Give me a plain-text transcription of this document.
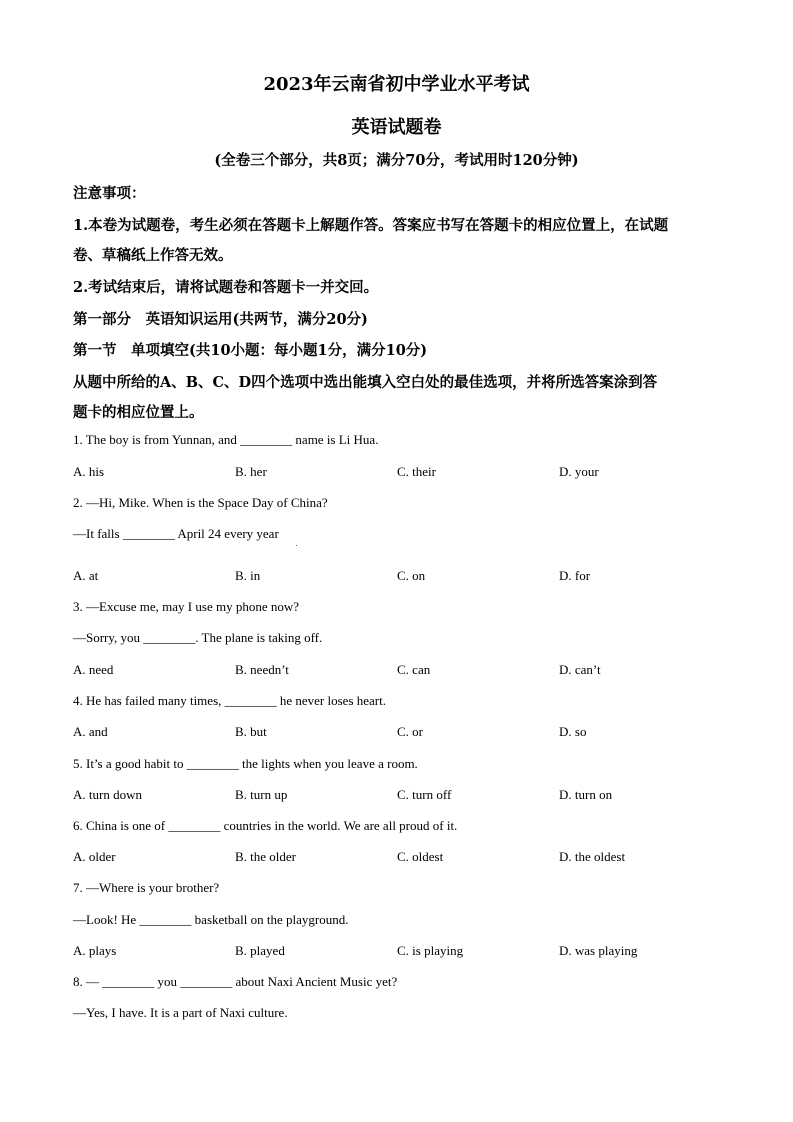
2023年云南省初中学业水平考试
英语试题卷
(全卷三个部分，共8页；满分70分，考试用时120分钟)
注意事项：
1.本卷为试题卷，考生必须在答题卡上解题作答。答案应书写在答题卡的相应位置上，在试题
卷、草稿纸上作答无效。
2.考试结束后，请将试题卷和答题卡一并交回。
第一部分　英语知识运用(共两节，满分20分)
第一节　单项填空(共10小题：每小题1分，满分10分)
从题中所给的A、B、C、D四个选项中选出能填入空白处的最佳选项，并将所选答案涂到答
题卡的相应位置上。
1. The boy is from Yunnan, and ________ name is Li Hua.
A. his	B. her	C. their	D. your
2. —Hi, Mike. When is the Space Day of China?
—It falls ________ April 24 every year
A. at	B. in	C. on	D. for
3. —Excuse me, may I use my phone now?
—Sorry, you ________. The plane is taking off.
A. need	B. needn’t	C. can	D. can’t
4. He has failed many times, ________ he never loses heart.
A. and	B. but	C. or	D. so
5. It’s a good habit to ________ the lights when you leave a room.
A. turn down	B. turn up	C. turn off	D. turn on
6. China is one of ________ countries in the world. We are all proud of it.
A. older	B. the older	C. oldest	D. the oldest
7. —Where is your brother?
—Look! He ________ basketball on the playground.
A. plays	B. played	C. is playing	D. was playing
8. — ________ you ________ about Naxi Ancient Music yet?
—Yes, I have. It is a part of Naxi culture.
